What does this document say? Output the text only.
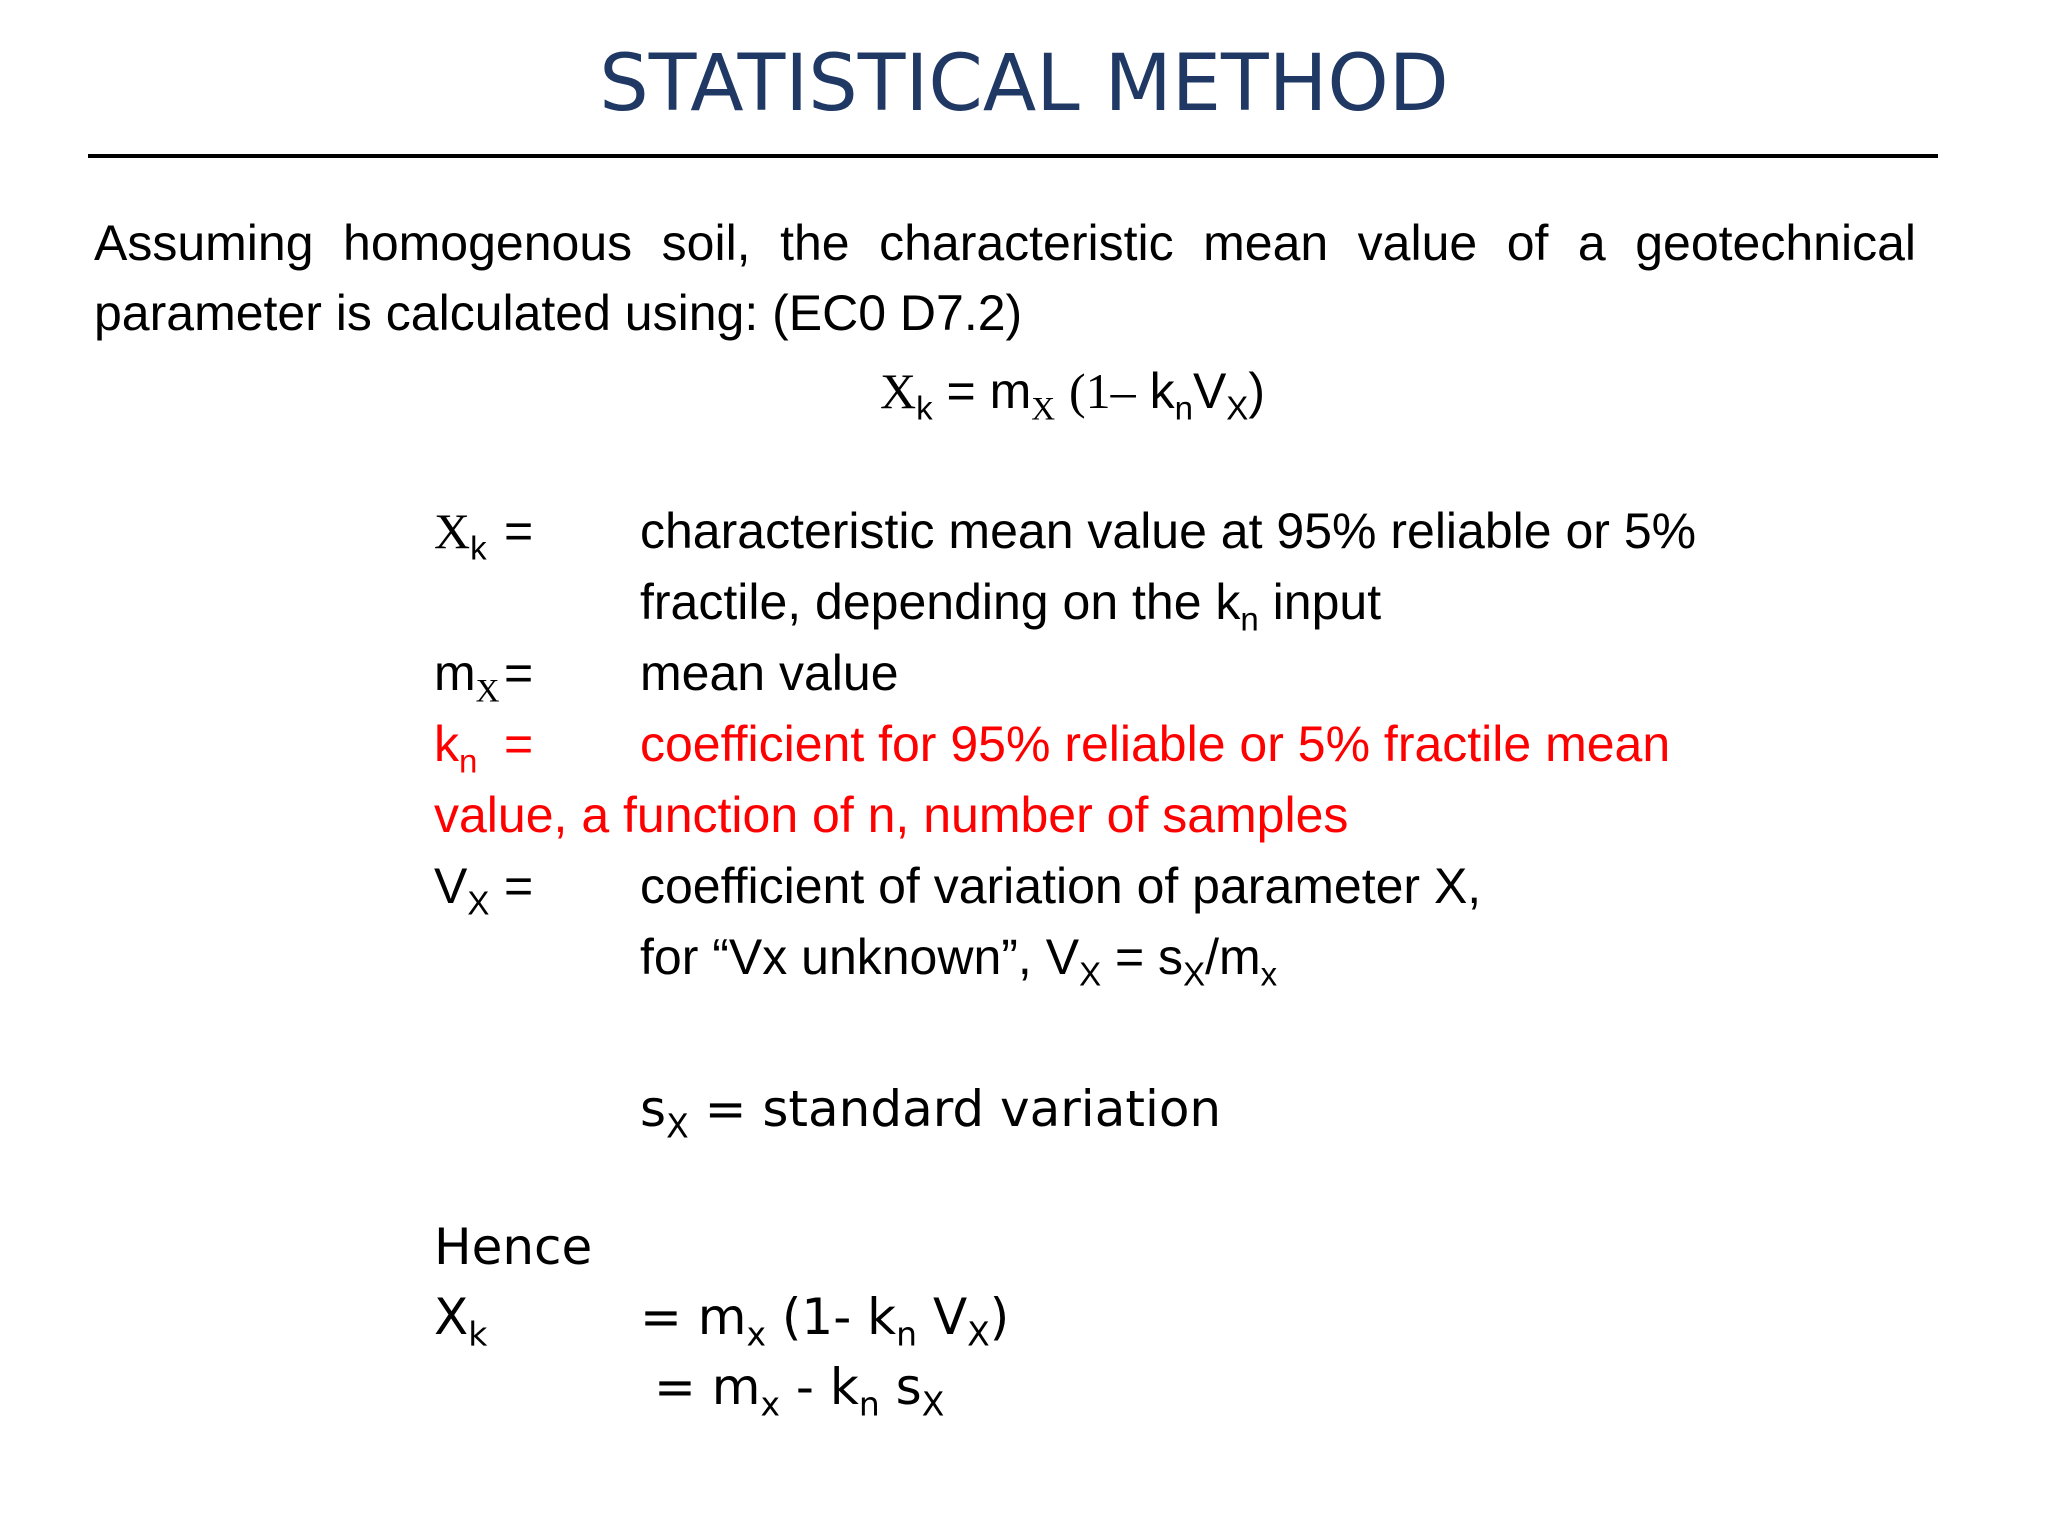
STATISTICAL METHOD
Assuming homogenous soil, the characteristic mean value of a geotechnical parameter is calculated using: (EC0 D7.2)
$X_k = m_X$ (1– $k_nV_X$)
$X_k$ = characteristic mean value at 95% reliable or 5%
fractile, depending on the $k_n$ input
$m_X$ = mean value
$k_n$ = coefficient for 95% reliable or 5% fractile mean
value, a function of n, number of samples
$V_X$ = coefficient of variation of parameter X,
for “Vx unknown”, $V_X = s_X/m_x$
$s_X$ = standard variation
Hence
$X_k$	= $m_x$ (1- $k_n$ $V_X$)
= $m_x - k_n$ $s_X$
